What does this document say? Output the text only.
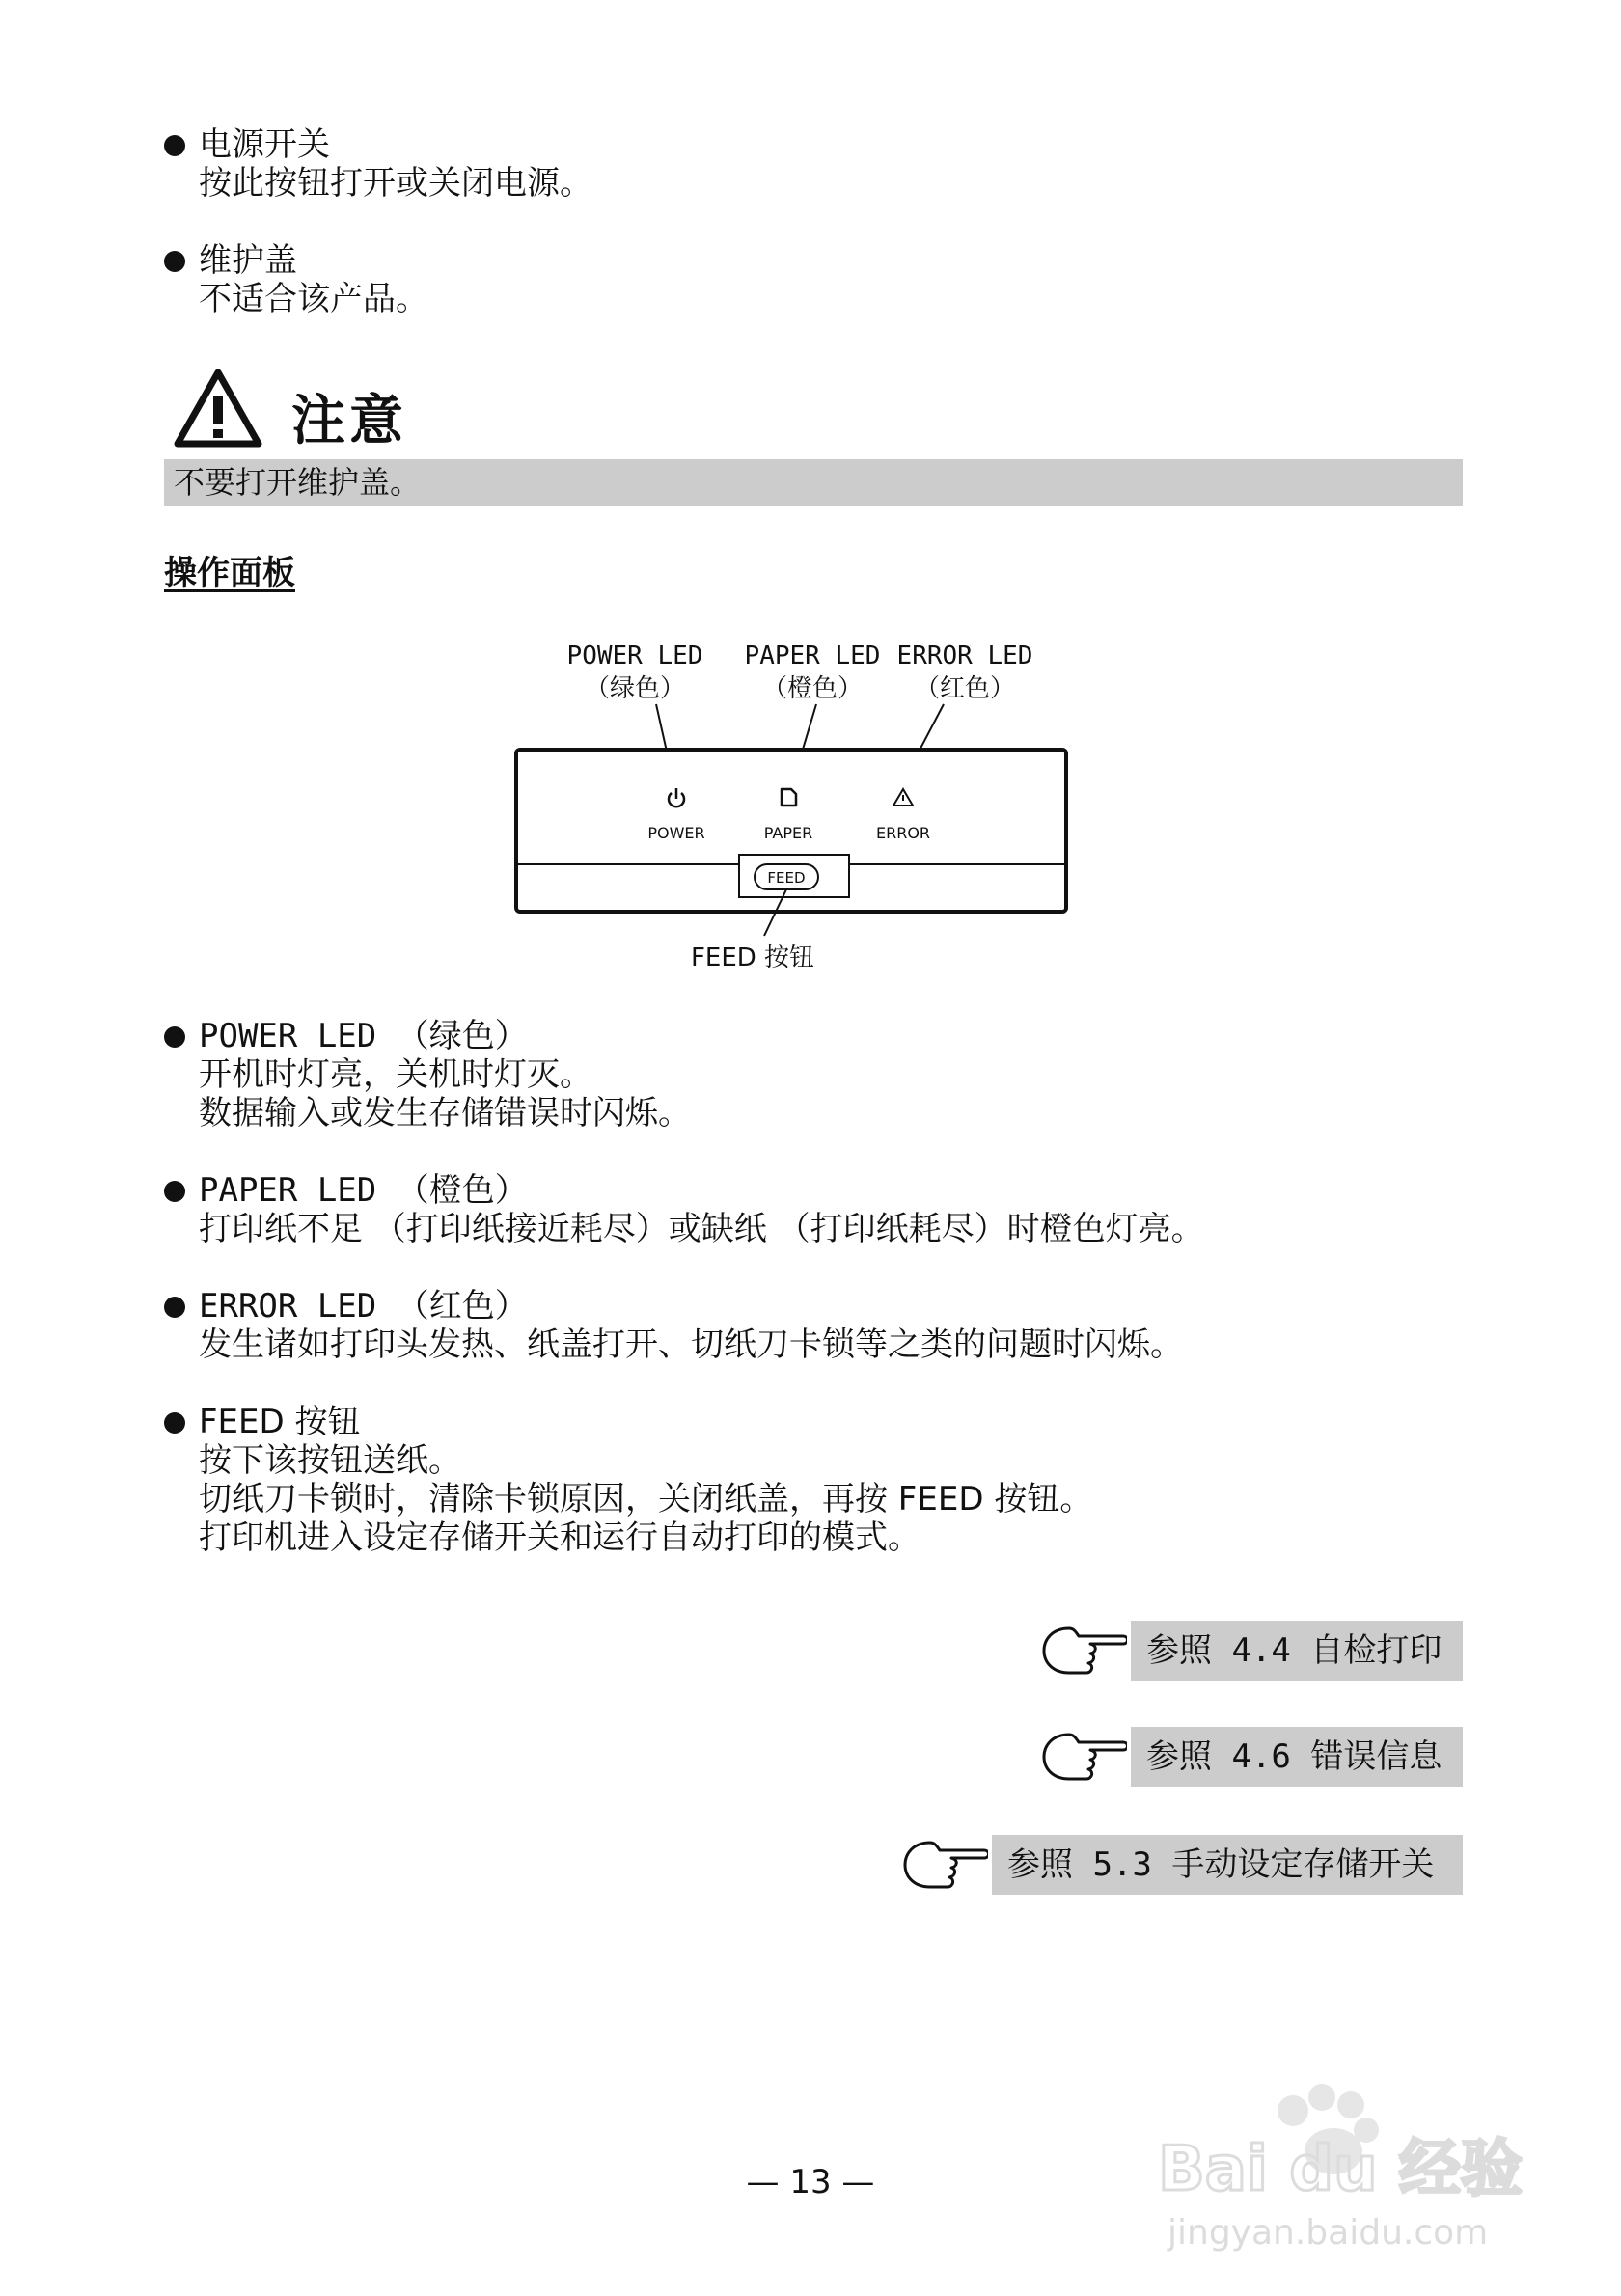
电源开关
按此按钮打开或关闭电源。
维护盖
不适合该产品。
注意
不要打开维护盖。
操作面板
POWER LED
（绿色）
PAPER LED
（橙色）
ERROR LED
（红色）
POWER	PAPER	ERROR
FEED
FEED 按钮
POWER LED （绿色）
开机时灯亮，关机时灯灭。
数据输入或发生存储错误时闪烁。
PAPER LED （橙色）
打印纸不足 （打印纸接近耗尽）或缺纸 （打印纸耗尽）时橙色灯亮。
ERROR LED （红色）
发生诸如打印头发热、纸盖打开、切纸刀卡锁等之类的问题时闪烁。
FEED 按钮
按下该按钮送纸。
切纸刀卡锁时，清除卡锁原因，关闭纸盖，再按 FEED 按钮。
打印机进入设定存储开关和运行自动打印的模式。
参照 4.4 自检打印
参照 4.6 错误信息
参照 5.3 手动设定存储开关
— 13 —	Bai du 经验
jingyan.baidu.com
